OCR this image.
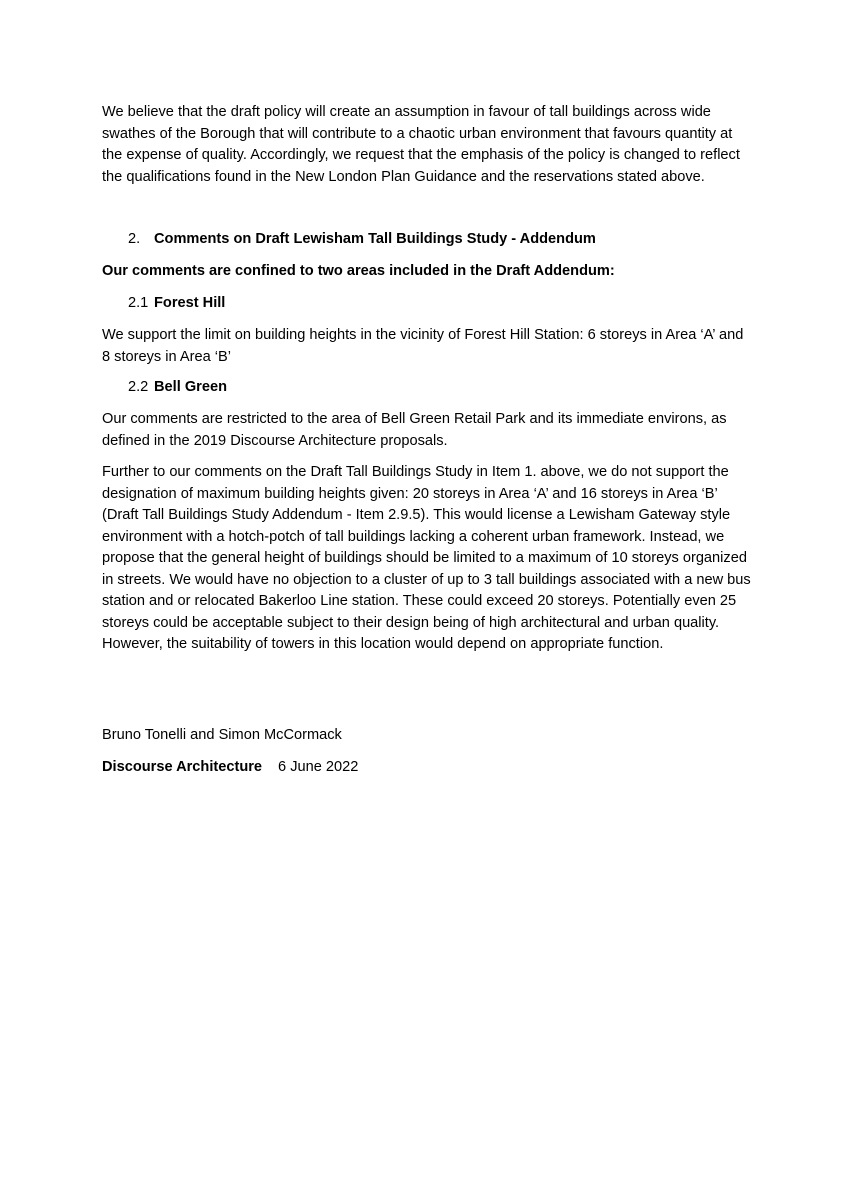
We believe that the draft policy will create an assumption in favour of tall buildings across wide swathes of the Borough that will contribute to a chaotic urban environment that favours quantity at the expense of quality. Accordingly, we request that the emphasis of the policy is changed to reflect the qualifications found in the New London Plan Guidance and the reservations stated above.

2. Comments on Draft Lewisham Tall Buildings Study - Addendum

Our comments are confined to two areas included in the Draft Addendum:

2.1 Forest Hill

We support the limit on building heights in the vicinity of Forest Hill Station: 6 storeys in Area ‘A’ and 8 storeys in Area ‘B’

2.2 Bell Green

Our comments are restricted to the area of Bell Green Retail Park and its immediate environs, as defined in the 2019 Discourse Architecture proposals.

Further to our comments on the Draft Tall Buildings Study in Item 1. above, we do not support the designation of maximum building heights given: 20 storeys in Area ‘A’ and 16 storeys in Area ‘B’ (Draft Tall Buildings Study Addendum - Item 2.9.5). This would license a Lewisham Gateway style environment with a hotch-potch of tall buildings lacking a coherent urban framework. Instead, we propose that the general height of buildings should be limited to a maximum of 10 storeys organized in streets. We would have no objection to a cluster of up to 3 tall buildings associated with a new bus station and or relocated Bakerloo Line station. These could exceed 20 storeys. Potentially even 25 storeys could be acceptable subject to their design being of high architectural and urban quality. However, the suitability of towers in this location would depend on appropriate function.

Bruno Tonelli and Simon McCormack

Discourse Architecture 6 June 2022
